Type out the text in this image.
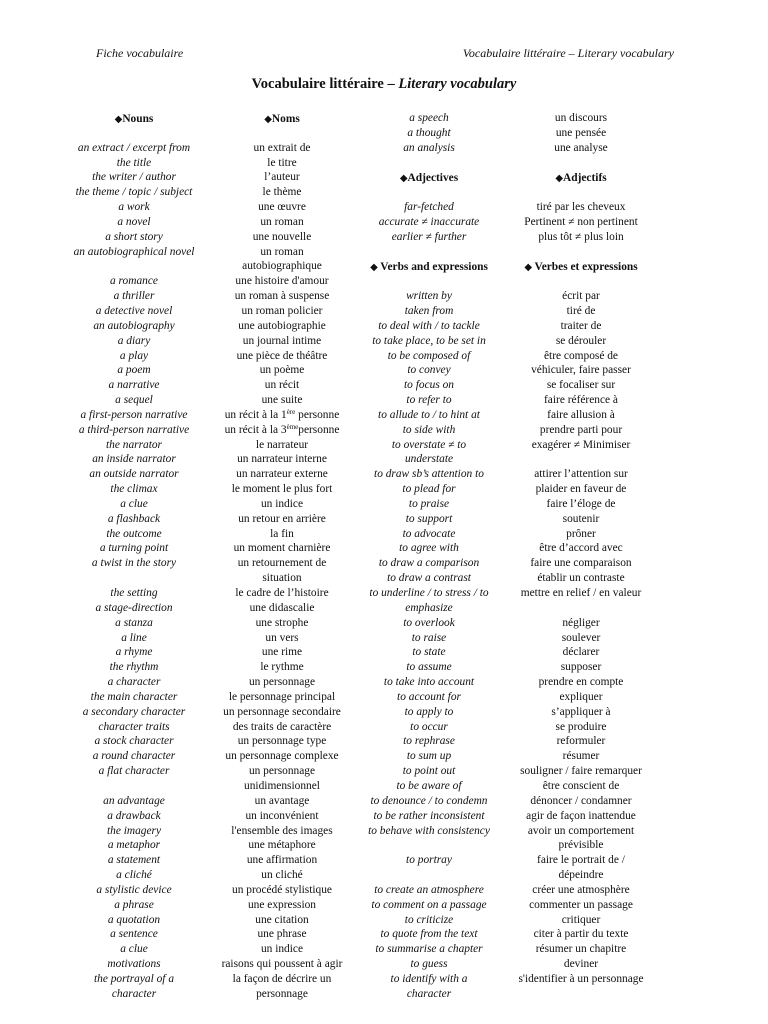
Fiche vocabulaire	Vocabulaire littéraire – Literary vocabulary
Vocabulaire littéraire – Literary vocabulary
◆Nouns
an extract / excerpt from
the title
the writer / author
the theme / topic / subject
a work
a novel
a short story
an autobiographical novel
a romance
a thriller
a detective novel
an autobiography
a diary
a play
a poem
a narrative
a sequel
a first-person narrative
a third-person narrative
the narrator
an inside narrator
an outside narrator
the climax
a clue
a flashback
the outcome
a turning point
a twist in the story
the setting
a stage-direction
a stanza
a line
a rhyme
the rhythm
a character
the main character
a secondary character
character traits
a stock character
a round character
a flat character
an advantage
a drawback
the imagery
a metaphor
a statement
a cliché
a stylistic device
a phrase
a quotation
a sentence
a clue
motivations
the portrayal of a
character
◆Noms
un extrait de
le titre
l’auteur
le thème
une œuvre
un roman
une nouvelle
un roman
autobiographique
une histoire d'amour
un roman à suspense
un roman policier
une autobiographie
un journal intime
une pièce de théâtre
un poème
un récit
une suite
un récit à la 1ère personne
un récit à la 3èmepersonne
le narrateur
un narrateur interne
un narrateur externe
le moment le plus fort
un indice
un retour en arrière
la fin
un moment charnière
un retournement de
situation
le cadre de l’histoire
une didascalie
une strophe
un vers
une rime
le rythme
un personnage
le personnage principal
un personnage secondaire
des traits de caractère
un personnage type
un personnage complexe
un personnage
unidimensionnel
un avantage
un inconvénient
l'ensemble des images
une métaphore
une affirmation
un cliché
un procédé stylistique
une expression
une citation
une phrase
un indice
raisons qui poussent à agir
la façon de décrire un
personnage
a speech
a thought
an analysis
◆Adjectives
far-fetched
accurate ≠ inaccurate
earlier ≠ further
◆ Verbs and expressions
written by
taken from
to deal with / to tackle
to take place, to be set in
to be composed of
to convey
to focus on
to refer to
to allude to / to hint at
to side with
to overstate ≠ to
understate
to draw sb’s attention to
to plead for
to praise
to support
to advocate
to agree with
to draw a comparison
to draw a contrast
to underline / to stress / to
emphasize
to overlook
to raise
to state
to assume
to take into account
to account for
to apply to
to occur
to rephrase
to sum up
to point out
to be aware of
to denounce / to condemn
to be rather inconsistent
to behave with consistency
to portray
to create an atmosphere
to comment on a passage
to criticize
to quote from the text
to summarise a chapter
to guess
to identify with a
character
un discours
une pensée
une analyse
◆Adjectifs
tiré par les cheveux
Pertinent ≠ non pertinent
plus tôt ≠ plus loin
◆ Verbes et expressions
écrit par
tiré de
traiter de
se dérouler
être composé de
véhiculer, faire passer
se focaliser sur
faire référence à
faire allusion à
prendre parti pour
exagérer ≠ Minimiser
attirer l’attention sur
plaider en faveur de
faire l’éloge de
soutenir
prôner
être d’accord avec
faire une comparaison
établir un contraste
mettre en relief / en valeur
négliger
soulever
déclarer
supposer
prendre en compte
expliquer
s’appliquer à
se produire
reformuler
résumer
souligner / faire remarquer
être conscient de
dénoncer / condamner
agir de façon inattendue
avoir un comportement
prévisible
faire le portrait de /
dépeindre
créer une atmosphère
commenter un passage
critiquer
citer à partir du texte
résumer un chapitre
deviner
s'identifier à un personnage
